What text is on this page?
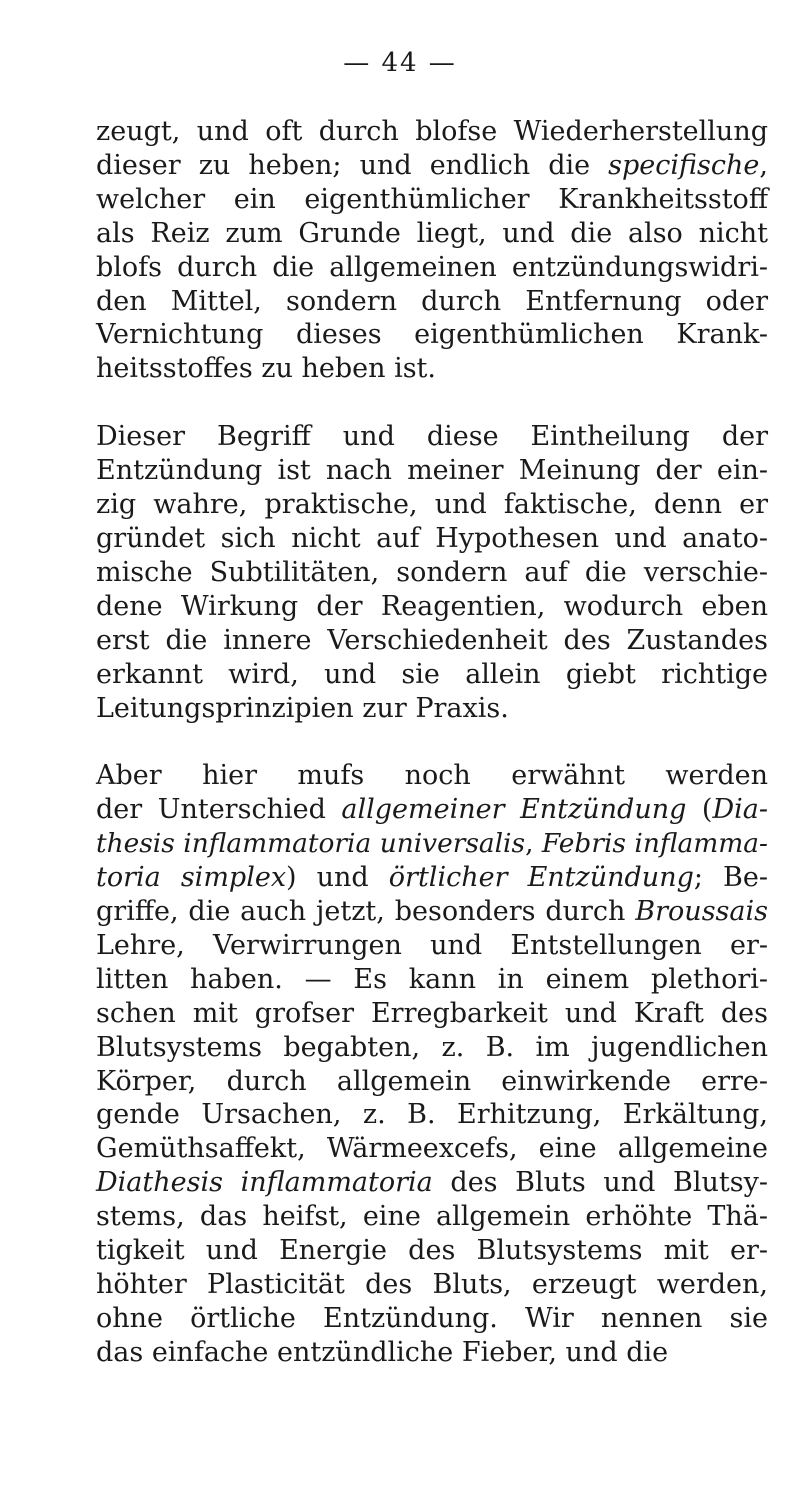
— 44 —
zeugt, und oft durch blofse Wiederherstellung
dieser zu heben; und endlich die specifische,
welcher ein eigenthümlicher Krankheitsstoff
als Reiz zum Grunde liegt, und die also nicht
blofs durch die allgemeinen entzündungswidri-
den Mittel, sondern durch Entfernung oder
Vernichtung dieses eigenthümlichen Krank-
heitsstoffes zu heben ist.
Dieser Begriff und diese Eintheilung der
Entzündung ist nach meiner Meinung der ein-
zig wahre, praktische, und faktische, denn er
gründet sich nicht auf Hypothesen und anato-
mische Subtilitäten, sondern auf die verschie-
dene Wirkung der Reagentien, wodurch eben
erst die innere Verschiedenheit des Zustandes
erkannt wird, und sie allein giebt richtige
Leitungsprinzipien zur Praxis.
Aber hier mufs noch erwähnt werden
der Unterschied allgemeiner Entzündung (Dia-
thesis inflammatoria universalis, Febris inflamma-
toria simplex) und örtlicher Entzündung; Be-
griffe, die auch jetzt, besonders durch Broussais
Lehre, Verwirrungen und Entstellungen er-
litten haben. — Es kann in einem plethori-
schen mit grofser Erregbarkeit und Kraft des
Blutsystems begabten, z. B. im jugendlichen
Körper, durch allgemein einwirkende erre-
gende Ursachen, z. B. Erhitzung, Erkältung,
Gemüthsaffekt, Wärmeexcefs, eine allgemeine
Diathesis inflammatoria des Bluts und Blutsy-
stems, das heifst, eine allgemein erhöhte Thä-
tigkeit und Energie des Blutsystems mit er-
höhter Plasticität des Bluts, erzeugt werden,
ohne örtliche Entzündung. Wir nennen sie
das einfache entzündliche Fieber, und die
